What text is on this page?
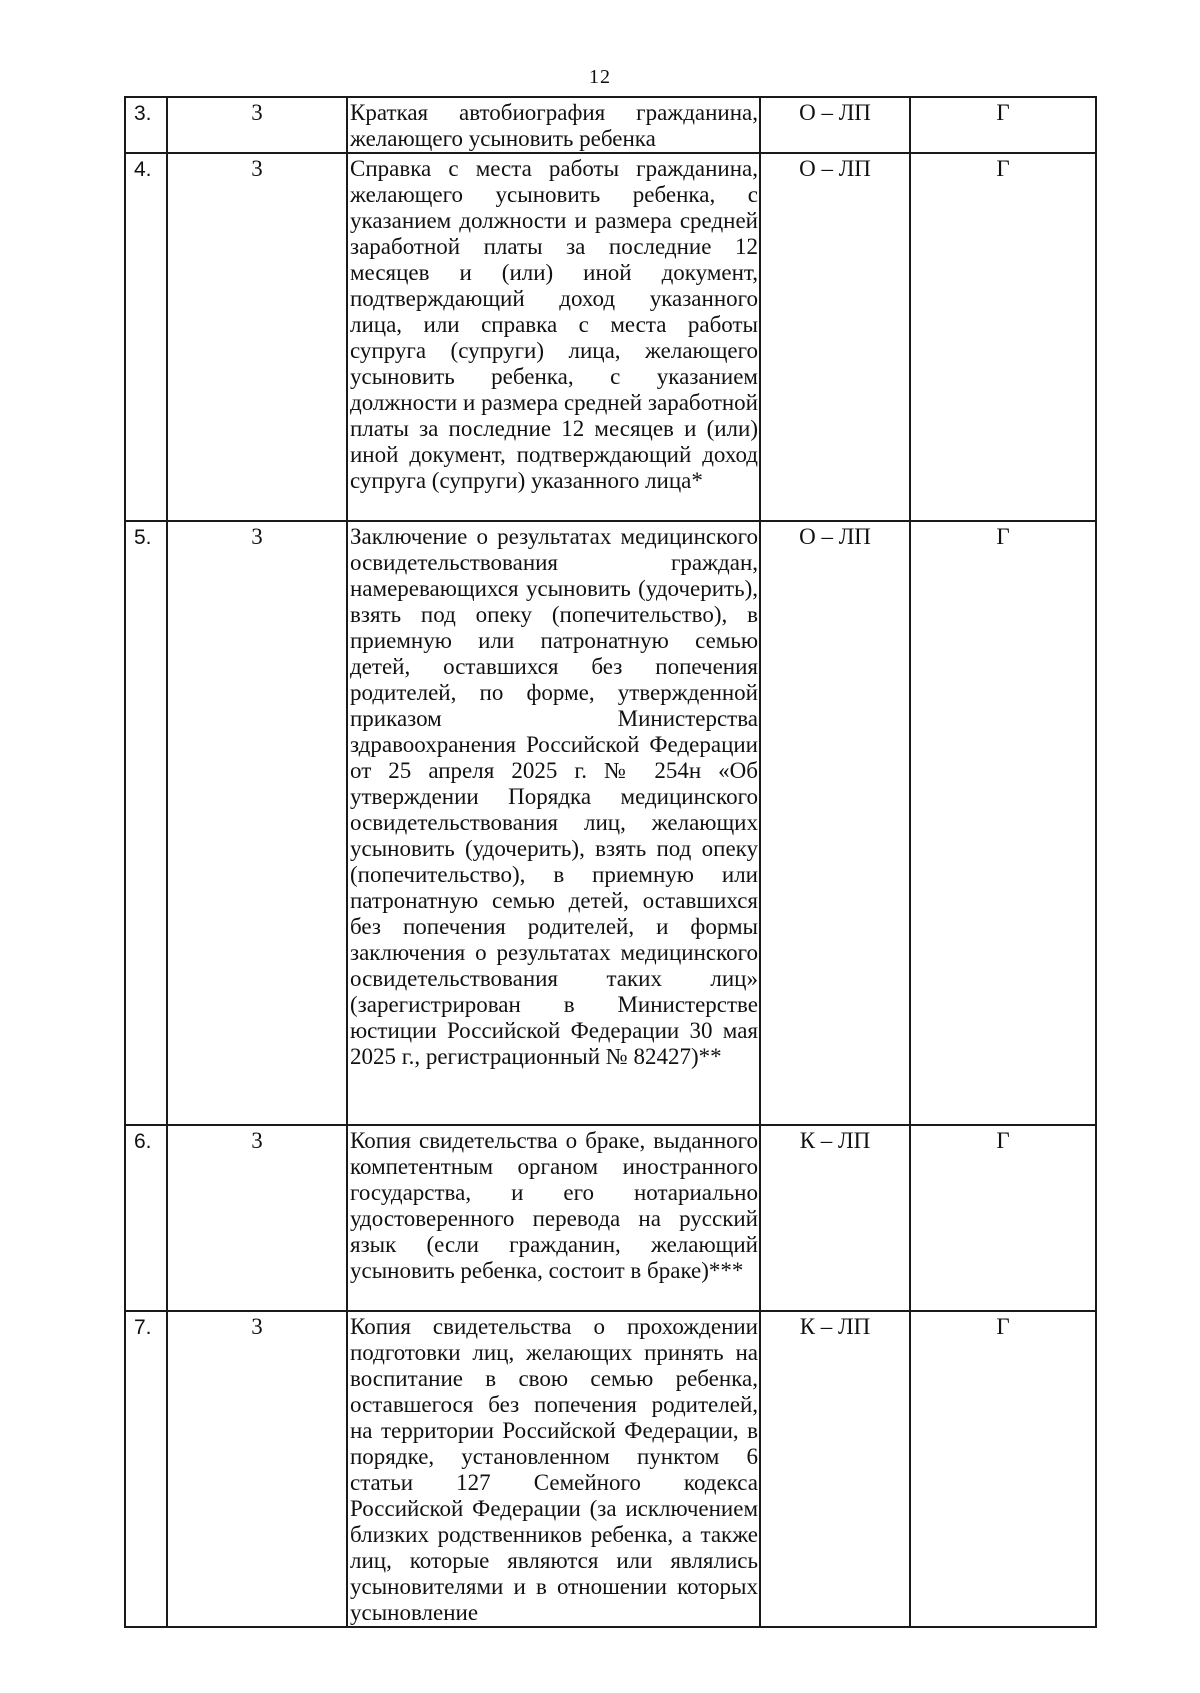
12
3.	3	Краткая автобиография гражданина, желающего усыновить ребенка	О – ЛП	Г

4.	3	Справка с места работы гражданина, желающего усыновить ребенка, с указанием должности и размера средней заработной платы за последние 12 месяцев и (или) иной документ, подтверждающий доход указанного лица, или справка с места работы супруга (супруги) лица, желающего усыновить ребенка, с указанием должности и размера средней заработной платы за последние 12 месяцев и (или) иной документ, подтверждающий доход супруга (супруги) указанного лица*	О – ЛП	Г

5.	3	Заключение о результатах медицинского освидетельствования граждан, намеревающихся усыновить (удочерить), взять под опеку (попечительство), в приемную или патронатную семью детей, оставшихся без попечения родителей, по форме, утвержденной приказом Министерства здравоохранения Российской Федерации от 25 апреля 2025 г. № 254н «Об утверждении Порядка медицинского освидетельствования лиц, желающих усыновить (удочерить), взять под опеку (попечительство), в приемную или патронатную семью детей, оставшихся без попечения родителей, и формы заключения о результатах медицинского освидетельствования таких лиц» (зарегистрирован в Министерстве юстиции Российской Федерации 30 мая 2025 г., регистрационный № 82427)**	О – ЛП	Г

6.	3	Копия свидетельства о браке, выданного компетентным органом иностранного государства, и его нотариально удостоверенного перевода на русский язык (если гражданин, желающий усыновить ребенка, состоит в браке)***	К – ЛП	Г

7.	3	Копия свидетельства о прохождении подготовки лиц, желающих принять на воспитание в свою семью ребенка, оставшегося без попечения родителей, на территории Российской Федерации, в порядке, установленном пунктом 6 статьи 127 Семейного кодекса Российской Федерации (за исключением близких родственников ребенка, а также лиц, которые являются или являлись усыновителями и в отношении которых усыновление	К – ЛП	Г
